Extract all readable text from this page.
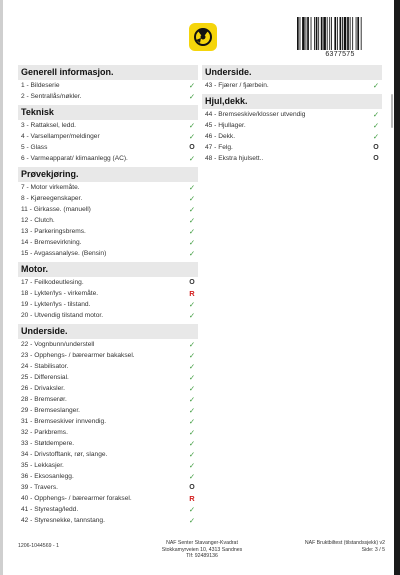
6377575
Generell informasjon.
1 - Bildeserie	✓
2 - Sentrallås/nøkler.	✓
Teknisk
3 - Rattaksel, ledd.	✓
4 - Varsellamper/meldinger	✓
5 - Glass	O
6 - Varmeapparat/ klimaanlegg (AC).	✓
Prøvekjøring.
7 - Motor virkemåte.	✓
8 - Kjøreegenskaper.	✓
11 - Girkasse. (manuell)	✓
12 - Clutch.	✓
13 - Parkeringsbrems.	✓
14 - Bremsevirkning.	✓
15 - Avgassanalyse. (Bensin)	✓
Motor.
17 - Feilkodeutlesing.	O
18 - Lykter/lys - virkemåte.	R
19 - Lykter/lys - tilstand.	✓
20 - Utvendig tilstand motor.	✓
Underside.
22 - Vognbunn/understell	✓
23 - Opphengs- / bærearmer bakaksel.	✓
24 - Stabilisator.	✓
25 - Differensial.	✓
26 - Drivaksler.	✓
28 - Bremserør.	✓
29 - Bremseslanger.	✓
31 - Bremseskiver innvendig.	✓
32 - Parkbrems.	✓
33 - Støtdempere.	✓
34 - Drivstofftank, rør, slange.	✓
35 - Lekkasjer.	✓
36 - Eksosanlegg.	✓
39 - Travers.	O
40 - Opphengs- / bærearmer foraksel.	R
41 - Styrestag/ledd.	✓
42 - Styresnekke, tannstang.	✓
Underside.
43 - Fjærer / fjærbein.	✓
Hjul,dekk.
44 - Bremseskive/klosser utvendig	✓
45 - Hjullager.	✓
46 - Dekk.	✓
47 - Felg.	O
48 - Ekstra hjulsett..	O
1206-1044569 - 1	NAF Senter Stavanger-Kvadrat
Stokkamyrveien 10, 4313 Sandnes
Tlf: 92489136
NAF Bruktbiltest (tilstandssjekk) v2
Side: 3 / 5
